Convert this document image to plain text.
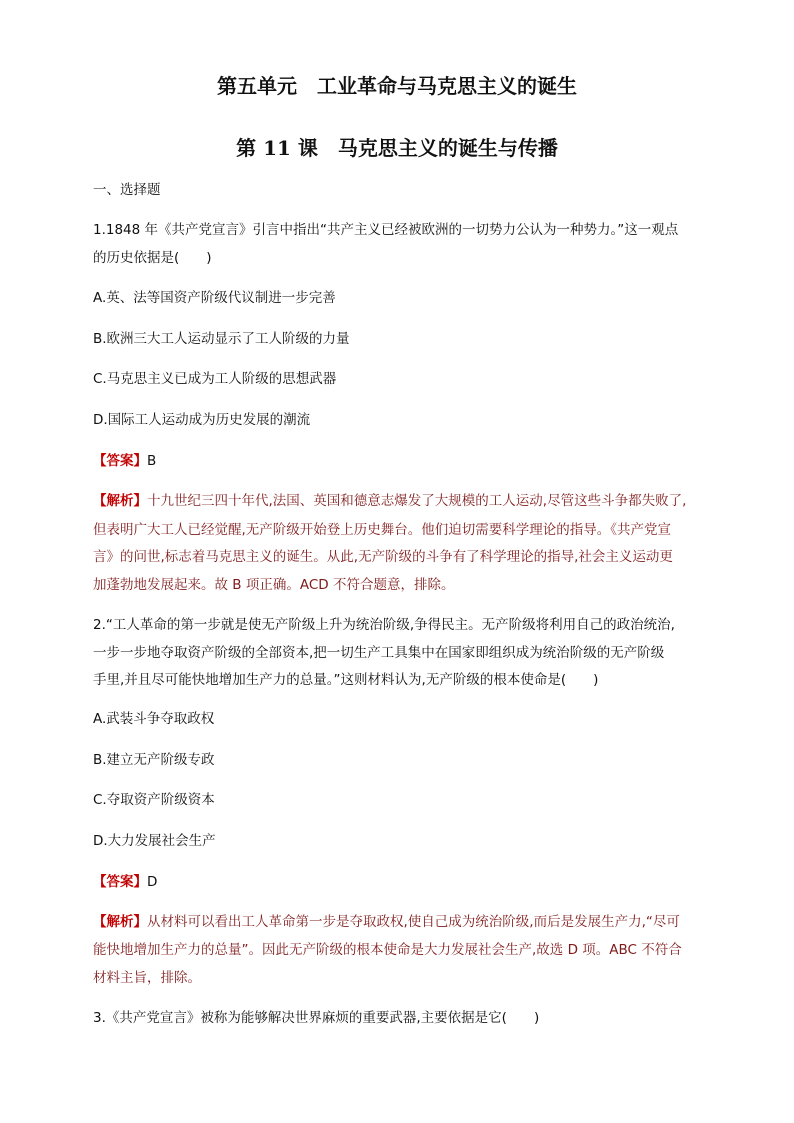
第五单元　工业革命与马克思主义的诞生
第 11 课　马克思主义的诞生与传播
一、选择题
1.1848 年《共产党宣言》引言中指出“共产主义已经被欧洲的一切势力公认为一种势力。”这一观点
的历史依据是(　　)
A.英、法等国资产阶级代议制进一步完善
B.欧洲三大工人运动显示了工人阶级的力量
C.马克思主义已成为工人阶级的思想武器
D.国际工人运动成为历史发展的潮流
【答案】B
【解析】十九世纪三四十年代,法国、英国和德意志爆发了大规模的工人运动,尽管这些斗争都失败了,
但表明广大工人已经觉醒,无产阶级开始登上历史舞台。他们迫切需要科学理论的指导。《共产党宣
言》的问世,标志着马克思主义的诞生。从此,无产阶级的斗争有了科学理论的指导,社会主义运动更
加蓬勃地发展起来。故 B 项正确。ACD 不符合题意，排除。
2.“工人革命的第一步就是使无产阶级上升为统治阶级,争得民主。无产阶级将利用自己的政治统治,
一步一步地夺取资产阶级的全部资本,把一切生产工具集中在国家即组织成为统治阶级的无产阶级
手里,并且尽可能快地增加生产力的总量。”这则材料认为,无产阶级的根本使命是(　　)
A.武装斗争夺取政权
B.建立无产阶级专政
C.夺取资产阶级资本
D.大力发展社会生产
【答案】D
【解析】从材料可以看出工人革命第一步是夺取政权,使自己成为统治阶级,而后是发展生产力,“尽可
能快地增加生产力的总量”。因此无产阶级的根本使命是大力发展社会生产,故选 D 项。ABC 不符合
材料主旨，排除。
3.《共产党宣言》被称为能够解决世界麻烦的重要武器,主要依据是它(　　)
